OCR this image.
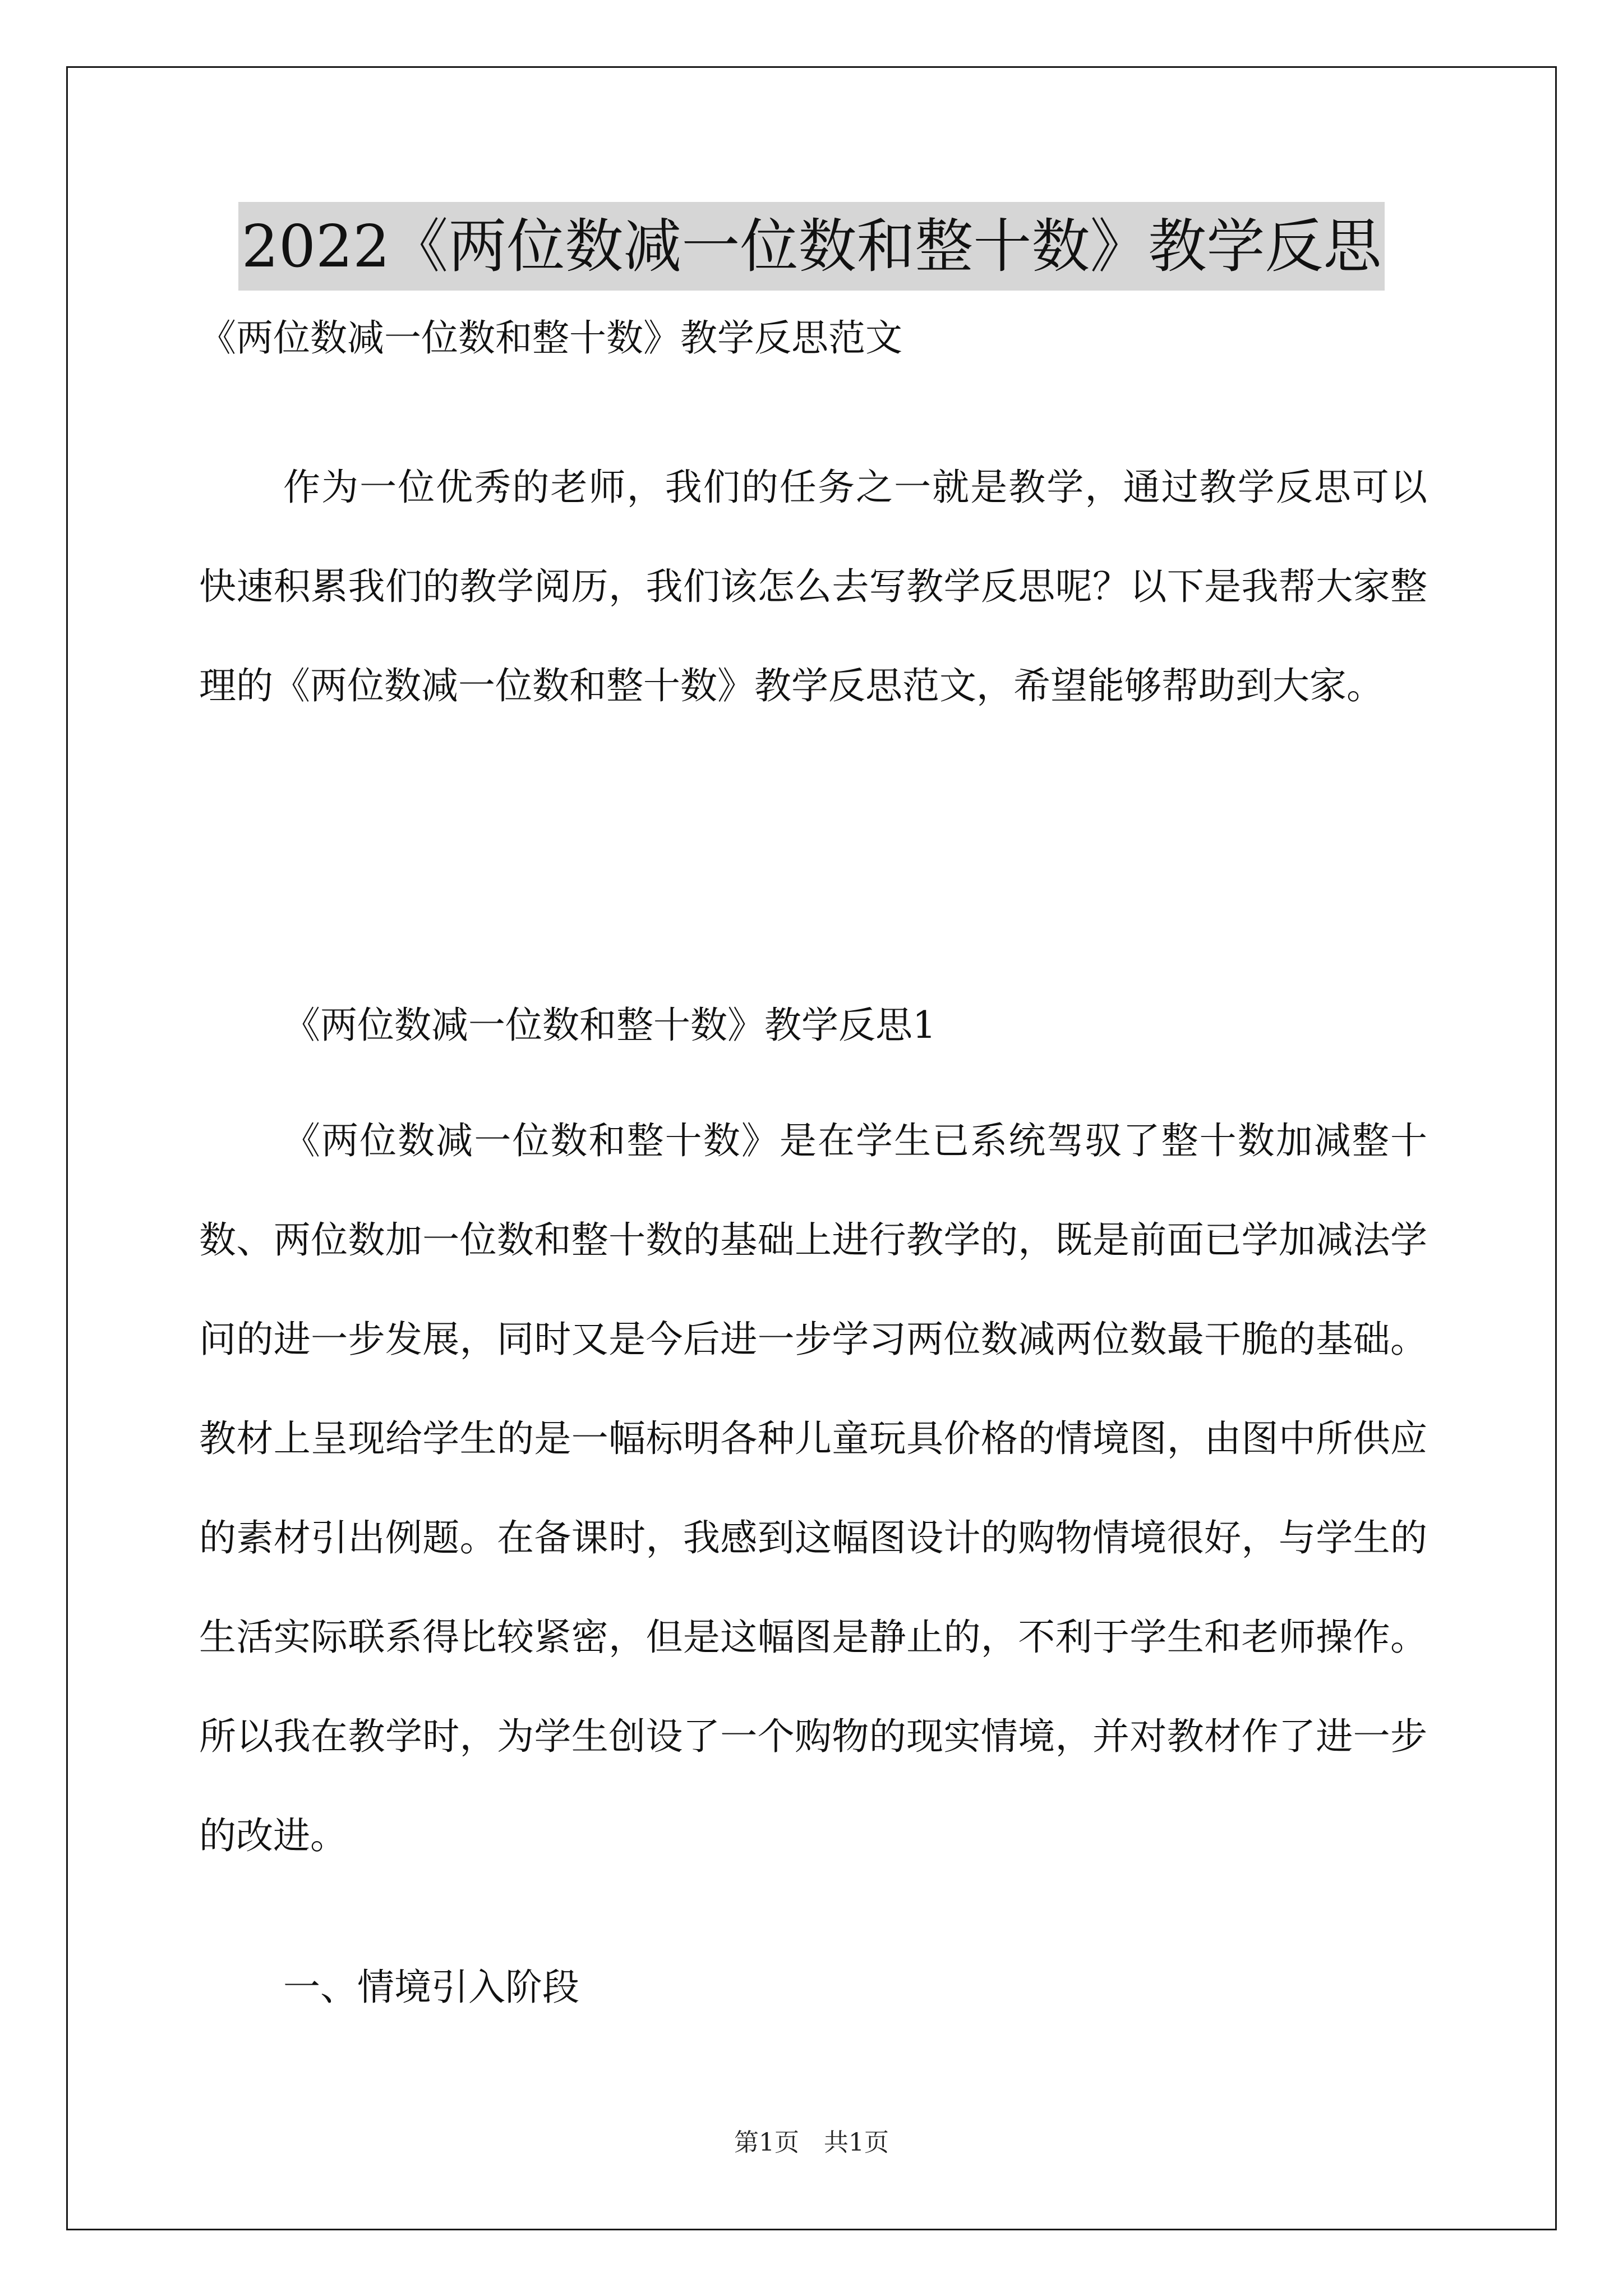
2022《两位数减一位数和整十数》教学反思
《两位数减一位数和整十数》教学反思范文
作为一位优秀的老师，我们的任务之一就是教学，通过教学反思可以快速积累我们的教学阅历，我们该怎么去写教学反思呢？以下是我帮大家整理的《两位数减一位数和整十数》教学反思范文，希望能够帮助到大家。
《两位数减一位数和整十数》教学反思1
《两位数减一位数和整十数》是在学生已系统驾驭了整十数加减整十数、两位数加一位数和整十数的基础上进行教学的，既是前面已学加减法学问的进一步发展，同时又是今后进一步学习两位数减两位数最干脆的基础。教材上呈现给学生的是一幅标明各种儿童玩具价格的情境图，由图中所供应的素材引出例题。在备课时，我感到这幅图设计的购物情境很好，与学生的生活实际联系得比较紧密，但是这幅图是静止的，不利于学生和老师操作。所以我在教学时，为学生创设了一个购物的现实情境，并对教材作了进一步的改进。
一、情境引入阶段
第1页　共1页
